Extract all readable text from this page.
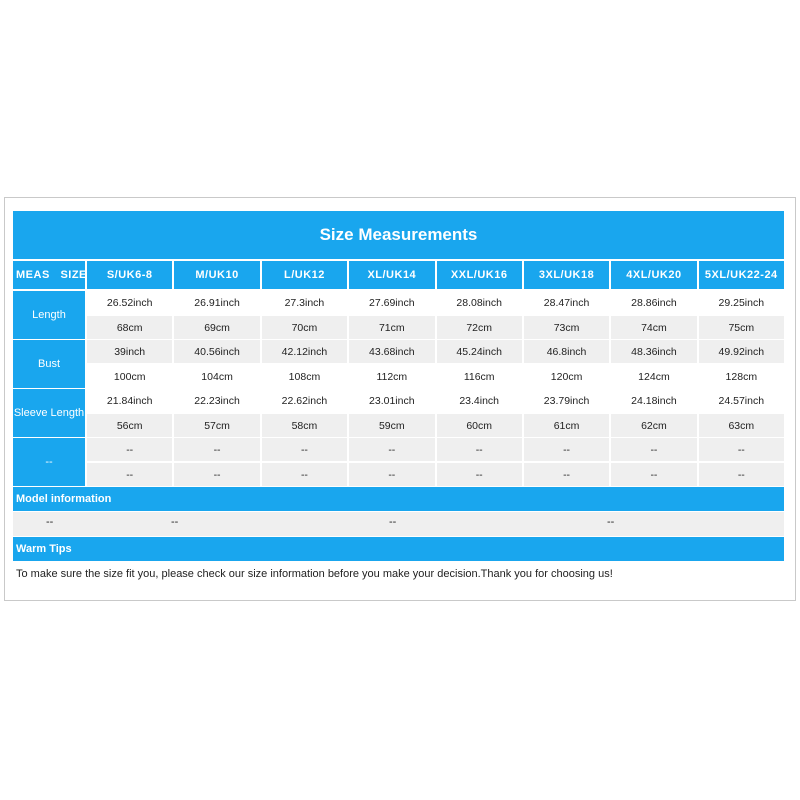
Size Measurements
MEAS   SIZE	S/UK6-8	M/UK10	L/UK12	XL/UK14	XXL/UK16	3XL/UK18	4XL/UK20	5XL/UK22-24
Length
26.52inch	26.91inch	27.3inch	27.69inch	28.08inch	28.47inch	28.86inch	29.25inch
68cm	69cm	70cm	71cm	72cm	73cm	74cm	75cm
Bust
39inch	40.56inch	42.12inch	43.68inch	45.24inch	46.8inch	48.36inch	49.92inch
100cm	104cm	108cm	112cm	116cm	120cm	124cm	128cm
Sleeve Length
21.84inch	22.23inch	22.62inch	23.01inch	23.4inch	23.79inch	24.18inch	24.57inch
56cm	57cm	58cm	59cm	60cm	61cm	62cm	63cm
--
--	--	--	--	--	--	--	--
--	--	--	--	--	--	--	--
Model information
--	--	--	--
Warm Tips
To make sure the size fit you, please check our size information before you make your decision.Thank you for choosing us!
